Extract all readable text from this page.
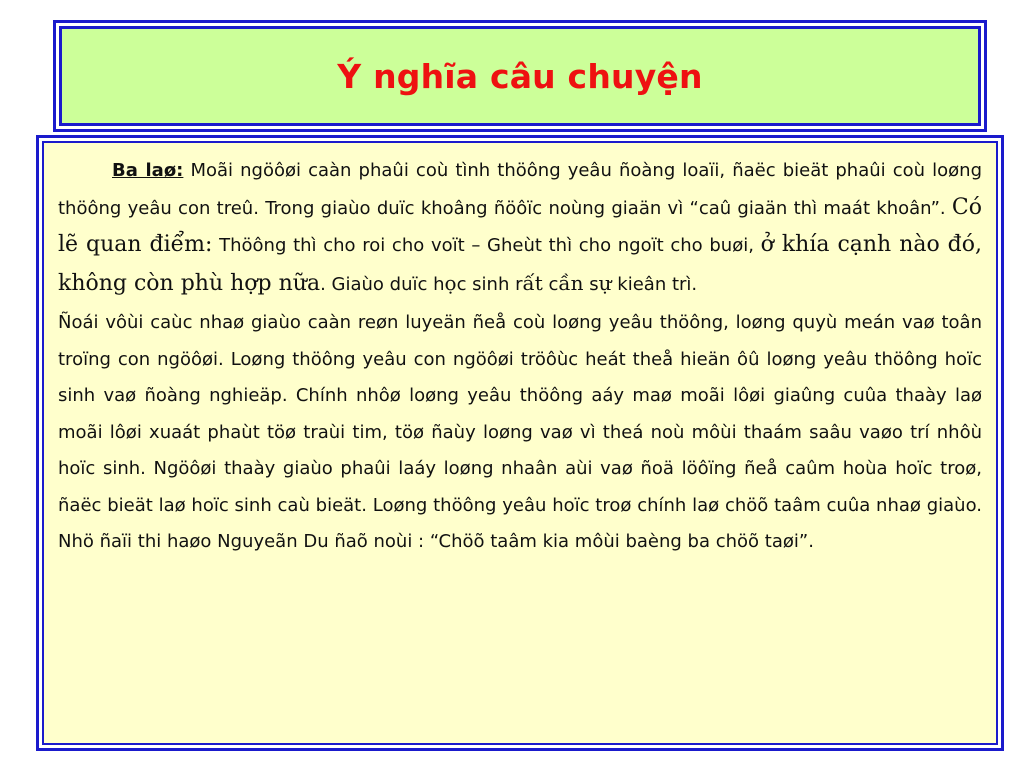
Ý nghĩa câu chuyện

Ba laø: Moãi ngöôøi caàn phaûi coù tình thöông yeâu ñoàng loaïi, ñaëc bieät phaûi coù loøng thöông yeâu con treû. Trong giaùo duïc khoâng ñöôïc noùng giaän vì “caû giaän thì maát khoân”. Có lẽ quan điểm: Thöông thì cho roi cho voït – Gheùt thì cho ngoït cho buøi, ở khía cạnh nào đó, không còn phù hợp nữa. Giaùo duïc học sinh rất cần sự kieân trì.

Ñoái vôùi caùc nhaø giaùo caàn reøn luyeän ñeå coù loøng yeâu thöông, loøng quyù meán vaø toân troïng con ngöôøi. Loøng thöông yeâu con ngöôøi tröôùc heát theå hieän ôû loøng yeâu thöông hoïc sinh vaø ñoàng nghieäp. Chính nhôø loøng yeâu thöông aáy maø moãi lôøi giaûng cuûa thaày laø moãi lôøi xuaát phaùt töø traùi tim, töø ñaùy loøng vaø vì theá noù môùi thaám saâu vaøo trí nhôù hoïc sinh. Ngöôøi thaày giaùo phaûi laáy loøng nhaân aùi vaø ñoä löôïng ñeå caûm hoùa hoïc troø, ñaëc bieät laø hoïc sinh caù bieät. Loøng thöông yeâu hoïc troø chính laø chöõ taâm cuûa nhaø giaùo. Nhö ñaïi thi haøo Nguyeãn Du ñaõ noùi : “Chöõ taâm kia môùi baèng ba chöõ taøi”.
